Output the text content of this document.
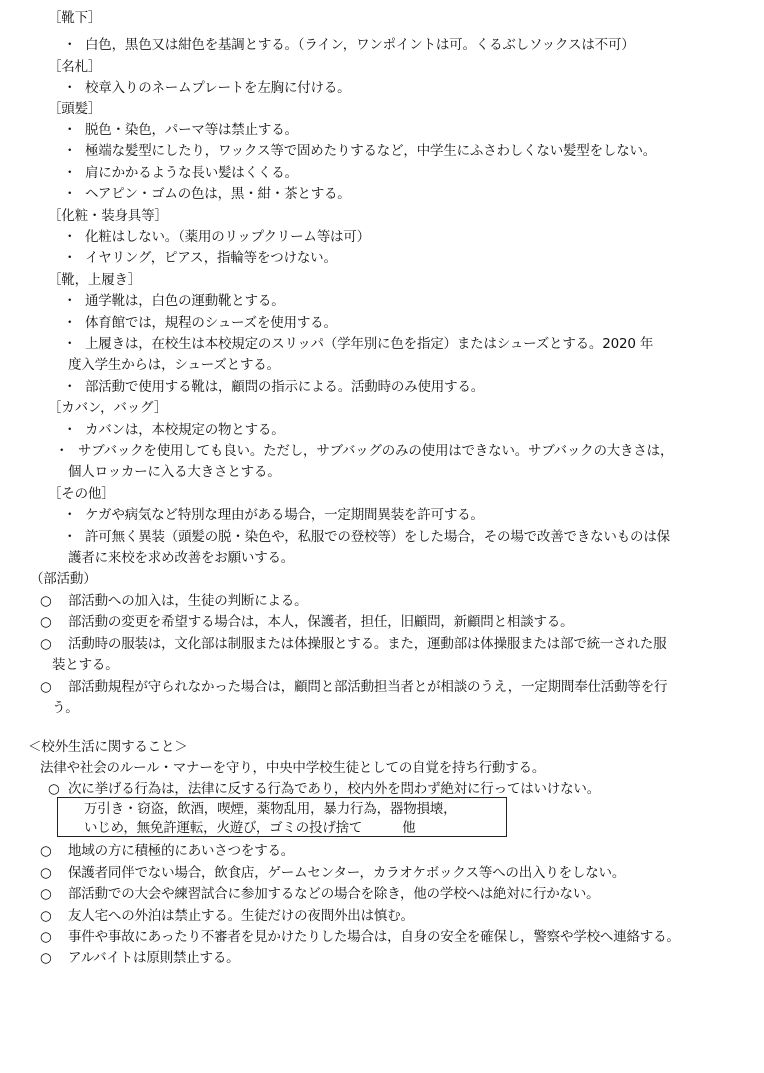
［靴下］
・ 白色，黒色又は紺色を基調とする。（ライン，ワンポイントは可。くるぶしソックスは不可）
［名札］
・ 校章入りのネームプレートを左胸に付ける。
［頭髪］
・ 脱色・染色，パーマ等は禁止する。
・ 極端な髪型にしたり，ワックス等で固めたりするなど，中学生にふさわしくない髪型をしない。
・ 肩にかかるような長い髪はくくる。
・ ヘアピン・ゴムの色は，黒・紺・茶とする。
［化粧・装身具等］
・ 化粧はしない。（薬用のリップクリーム等は可）
・ イヤリング，ピアス，指輪等をつけない。
［靴，上履き］
・ 通学靴は，白色の運動靴とする。
・ 体育館では，規程のシューズを使用する。
・ 上履きは，在校生は本校規定のスリッパ（学年別に色を指定）またはシューズとする。2020 年
度入学生からは，シューズとする。
・ 部活動で使用する靴は，顧問の指示による。活動時のみ使用する。
［カバン，バッグ］
・ カバンは，本校規定の物とする。
・ サブバックを使用しても良い。ただし，サブバッグのみの使用はできない。サブバックの大きさは，
個人ロッカーに入る大きさとする。
［その他］
・ ケガや病気など特別な理由がある場合，一定期間異装を許可する。
・ 許可無く異装（頭髪の脱・染色や，私服での登校等）をした場合，その場で改善できないものは保
護者に来校を求め改善をお願いする。
（部活動）
○ 部活動への加入は，生徒の判断による。
○ 部活動の変更を希望する場合は，本人，保護者，担任，旧顧問，新顧問と相談する。
○ 活動時の服装は，文化部は制服または体操服とする。また，運動部は体操服または部で統一された服
装とする。
○ 部活動規程が守られなかった場合は，顧問と部活動担当者とが相談のうえ，一定期間奉仕活動等を行
う。
＜校外生活に関すること＞
法律や社会のルール・マナーを守り，中央中学校生徒としての自覚を持ち行動する。
○ 次に挙げる行為は，法律に反する行為であり，校内外を問わず絶対に行ってはいけない。
万引き・窃盗，飲酒，喫煙，薬物乱用，暴力行為，器物損壊，
いじめ，無免許運転，火遊び，ゴミの投げ捨て　　　他
○ 地域の方に積極的にあいさつをする。
○ 保護者同伴でない場合，飲食店，ゲームセンター，カラオケボックス等への出入りをしない。
○ 部活動での大会や練習試合に参加するなどの場合を除き，他の学校へは絶対に行かない。
○ 友人宅への外泊は禁止する。生徒だけの夜間外出は慎む。
○ 事件や事故にあったり不審者を見かけたりした場合は，自身の安全を確保し，警察や学校へ連絡する。
○ アルバイトは原則禁止する。
